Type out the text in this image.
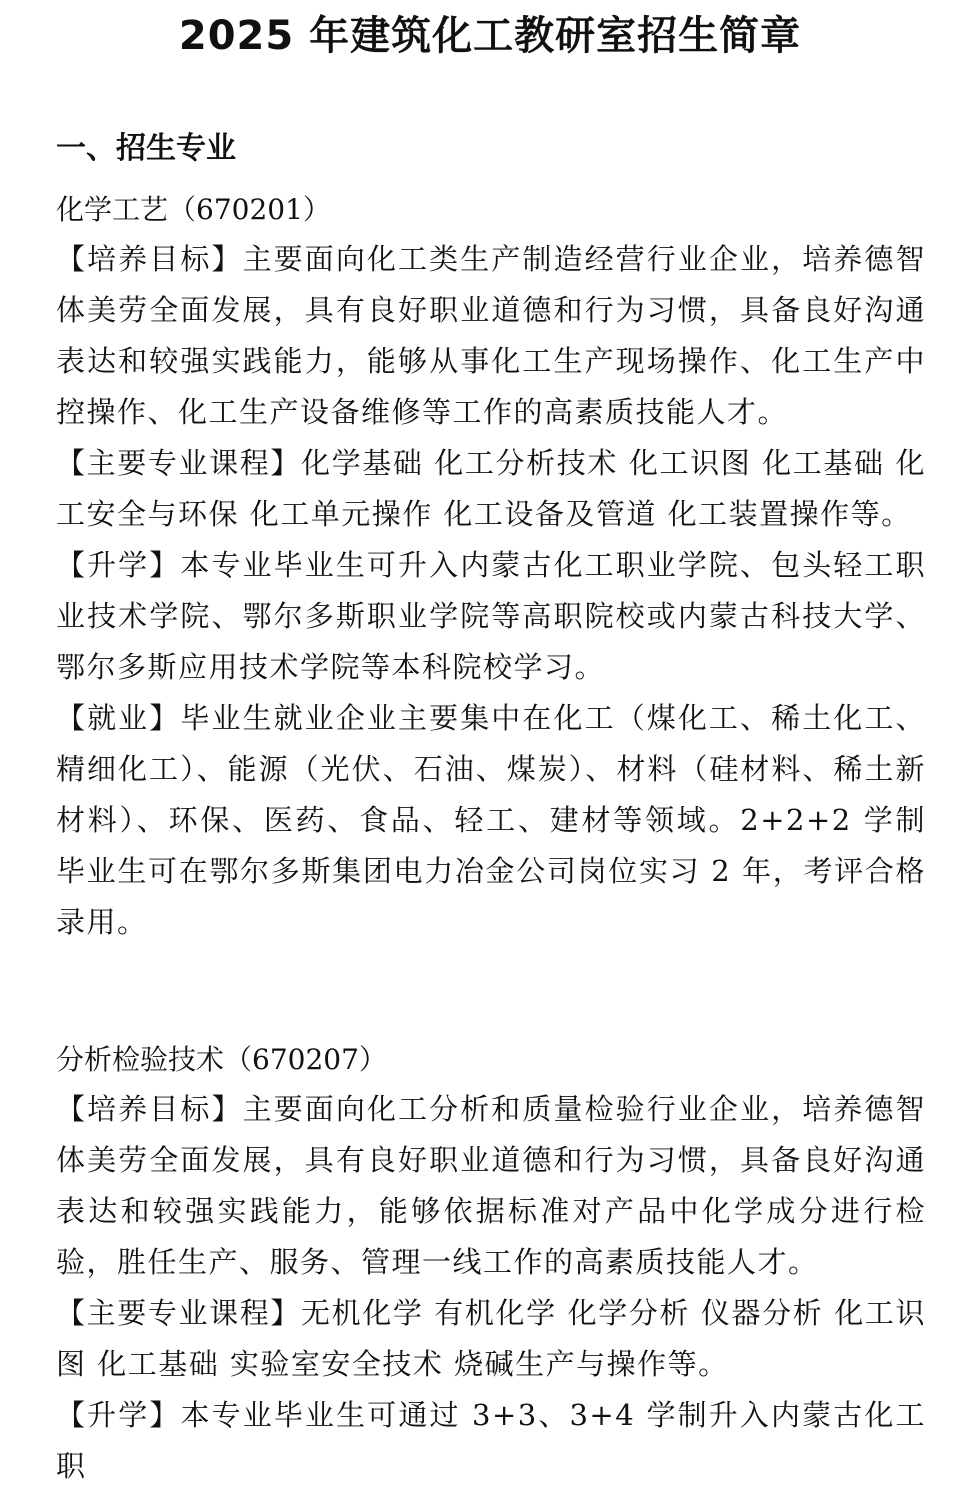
2025 年建筑化工教研室招生简章
一、招生专业
化学工艺（670201）

【培养目标】主要面向化工类生产制造经营行业企业，培养德智体美劳全面发展，具有良好职业道德和行为习惯，具备良好沟通表达和较强实践能力，能够从事化工生产现场操作、化工生产中控操作、化工生产设备维修等工作的高素质技能人才。

【主要专业课程】化学基础 化工分析技术 化工识图 化工基础 化工安全与环保 化工单元操作 化工设备及管道 化工装置操作等。

【升学】本专业毕业生可升入内蒙古化工职业学院、包头轻工职业技术学院、鄂尔多斯职业学院等高职院校或内蒙古科技大学、鄂尔多斯应用技术学院等本科院校学习。

【就业】毕业生就业企业主要集中在化工（煤化工、稀土化工、精细化工）、能源（光伏、石油、煤炭）、材料（硅材料、稀土新材料）、环保、医药、食品、轻工、建材等领域。2+2+2 学制毕业生可在鄂尔多斯集团电力冶金公司岗位实习 2 年，考评合格录用。

分析检验技术（670207）

【培养目标】主要面向化工分析和质量检验行业企业，培养德智体美劳全面发展，具有良好职业道德和行为习惯，具备良好沟通表达和较强实践能力，能够依据标准对产品中化学成分进行检验，胜任生产、服务、管理一线工作的高素质技能人才。

【主要专业课程】无机化学 有机化学 化学分析 仪器分析 化工识图 化工基础 实验室安全技术 烧碱生产与操作等。

【升学】本专业毕业生可通过 3+3、3+4 学制升入内蒙古化工职
